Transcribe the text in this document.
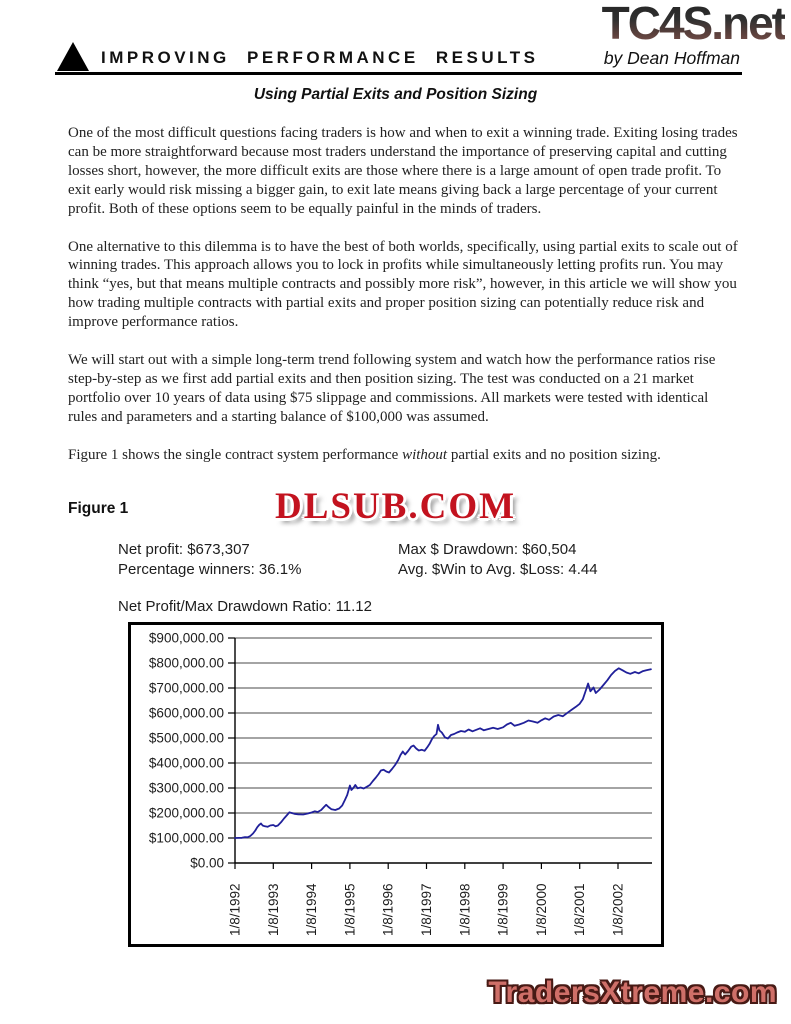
TC4S.net
IMPROVING PERFORMANCE RESULTS	by Dean Hoffman
Using Partial Exits and Position Sizing

One of the most difficult questions facing traders is how and when to exit a winning trade. Exiting losing trades can be more straightforward because most traders understand the importance of preserving capital and cutting losses short, however, the more difficult exits are those where there is a large amount of open trade profit. To exit early would risk missing a bigger gain, to exit late means giving back a large percentage of your current profit. Both of these options seem to be equally painful in the minds of traders.

One alternative to this dilemma is to have the best of both worlds, specifically, using partial exits to scale out of winning trades. This approach allows you to lock in profits while simultaneously letting profits run. You may think “yes, but that means multiple contracts and possibly more risk”, however, in this article we will show you how trading multiple contracts with partial exits and proper position sizing can potentially reduce risk and improve performance ratios.

We will start out with a simple long-term trend following system and watch how the performance ratios rise step-by-step as we first add partial exits and then position sizing. The test was conducted on a 21 market portfolio over 10 years of data using $75 slippage and commissions. All markets were tested with identical rules and parameters and a starting balance of $100,000 was assumed.

Figure 1 shows the single contract system performance without partial exits and no position sizing.

Figure 1	DLSUB.COM
Net profit: $673,307	Max $ Drawdown: $60,504
Percentage winners: 36.1%	Avg. $Win to Avg. $Loss: 4.44
Net Profit/Max Drawdown Ratio: 11.12
$0.00
$100,000.00
$200,000.00
$300,000.00
$400,000.00
$500,000.00
$600,000.00
$700,000.00
$800,000.00
$900,000.00
1/8/1992 1/8/1993 1/8/1994 1/8/1995 1/8/1996 1/8/1997 1/8/1998 1/8/1999 1/8/2000 1/8/2001 1/8/2002
TradersXtreme.com
